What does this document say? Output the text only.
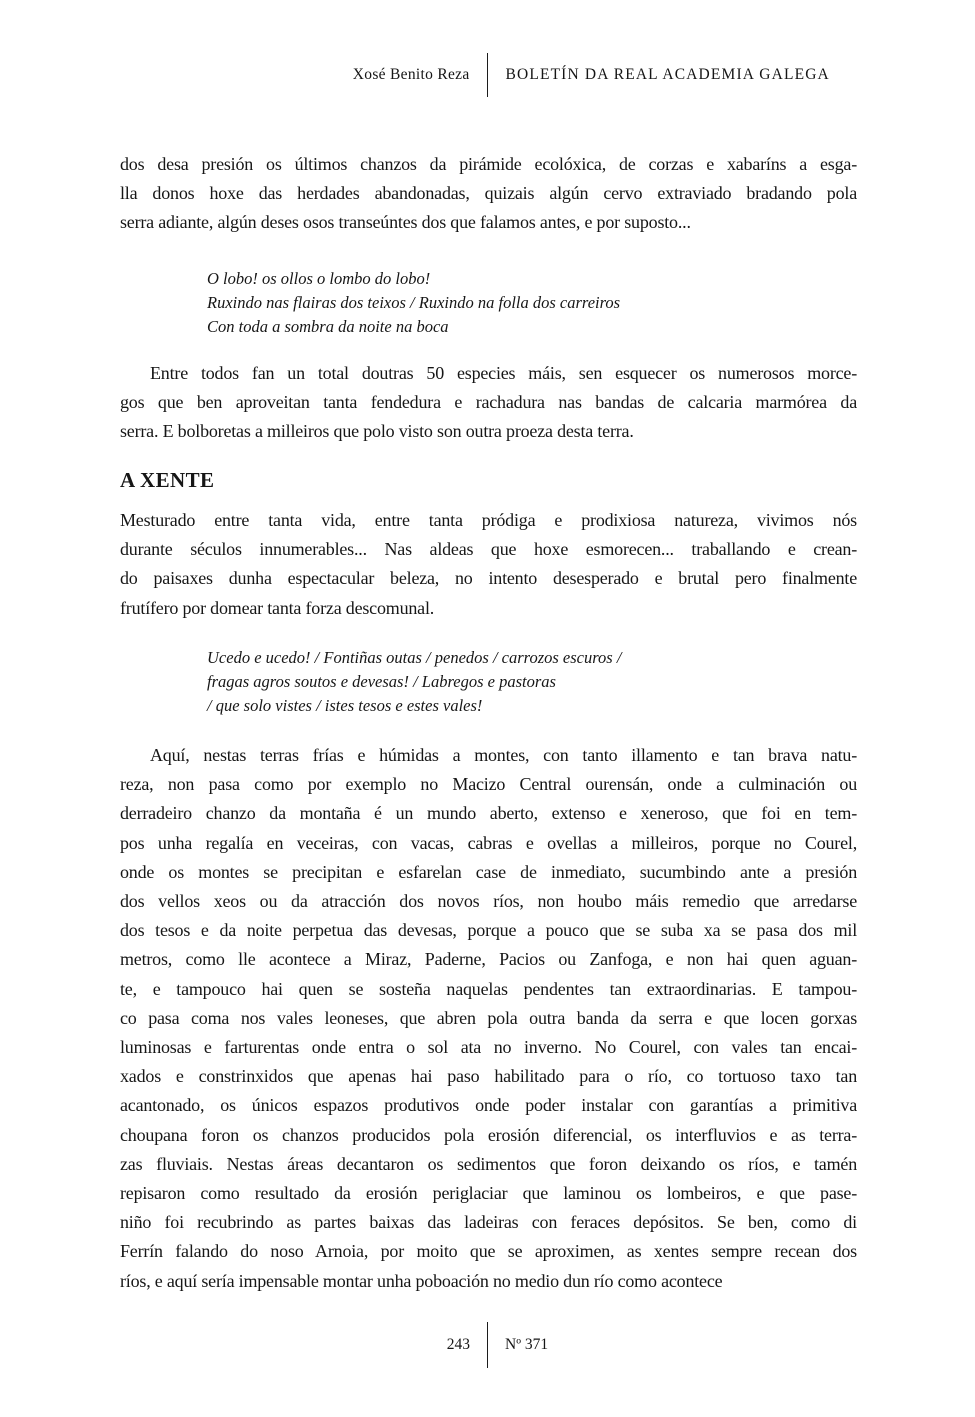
Xosé Benito Reza	BOLETÍN DA REAL ACADEMIA GALEGA
dos desa presión os últimos chanzos da pirámide ecolóxica, de corzas e xabaríns a esga-
lla donos hoxe das herdades abandonadas, quizais algún cervo extraviado bradando pola
serra adiante, algún deses osos transeúntes dos que falamos antes, e por suposto...
O lobo! os ollos o lombo do lobo!
Ruxindo nas flairas dos teixos / Ruxindo na folla dos carreiros
Con toda a sombra da noite na boca
Entre todos fan un total doutras 50 especies máis, sen esquecer os numerosos morce-
gos que ben aproveitan tanta fendedura e rachadura nas bandas de calcaria marmórea da
serra. E bolboretas a milleiros que polo visto son outra proeza desta terra.
A XENTE
Mesturado entre tanta vida, entre tanta pródiga e prodixiosa natureza, vivimos nós
durante séculos innumerables... Nas aldeas que hoxe esmorecen... traballando e crean-
do paisaxes dunha espectacular beleza, no intento desesperado e brutal pero finalmente
frutífero por domear tanta forza descomunal.
Ucedo e ucedo! / Fontiñas outas / penedos / carrozos escuros /
fragas agros soutos e devesas! / Labregos e pastoras
/ que solo vistes / istes tesos e estes vales!
Aquí, nestas terras frías e húmidas a montes, con tanto illamento e tan brava natu-
reza, non pasa como por exemplo no Macizo Central ourensán, onde a culminación ou
derradeiro chanzo da montaña é un mundo aberto, extenso e xeneroso, que foi en tem-
pos unha regalía en veceiras, con vacas, cabras e ovellas a milleiros, porque no Courel,
onde os montes se precipitan e esfarelan case de inmediato, sucumbindo ante a presión
dos vellos xeos ou da atracción dos novos ríos, non houbo máis remedio que arredarse
dos tesos e da noite perpetua das devesas, porque a pouco que se suba xa se pasa dos mil
metros, como lle acontece a Miraz, Paderne, Pacios ou Zanfoga, e non hai quen aguan-
te, e tampouco hai quen se sosteña naquelas pendentes tan extraordinarias. E tampou-
co pasa coma nos vales leoneses, que abren pola outra banda da serra e que locen gorxas
luminosas e farturentas onde entra o sol ata no inverno. No Courel, con vales tan encai-
xados e constrinxidos que apenas hai paso habilitado para o río, co tortuoso taxo tan
acantonado, os únicos espazos produtivos onde poder instalar con garantías a primitiva
choupana foron os chanzos producidos pola erosión diferencial, os interfluvios e as terra-
zas fluviais. Nestas áreas decantaron os sedimentos que foron deixando os ríos, e tamén
repisaron como resultado da erosión periglaciar que laminou os lombeiros, e que pase-
niño foi recubrindo as partes baixas das ladeiras con feraces depósitos. Se ben, como di
Ferrín falando do noso Arnoia, por moito que se aproximen, as xentes sempre recean dos
ríos, e aquí sería impensable montar unha poboación no medio dun río como acontece
243	Nº 371
